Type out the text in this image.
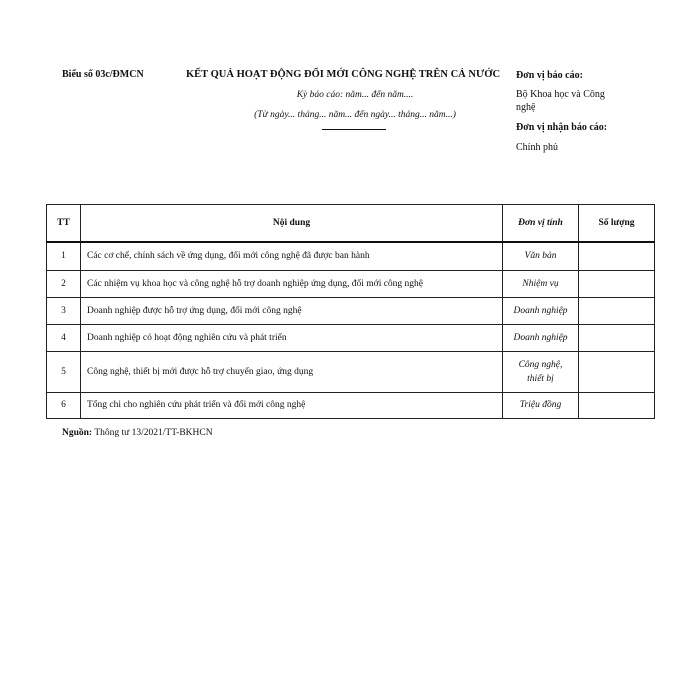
Biểu số 03c/ĐMCN	KẾT QUẢ HOẠT ĐỘNG ĐỔI MỚI CÔNG NGHỆ TRÊN CẢ NƯỚC
Kỳ báo cáo: năm... đến năm....
(Từ ngày... tháng... năm... đến ngày... tháng... năm...)
Đơn vị báo cáo:
Bộ Khoa học và Công nghệ
Đơn vị nhận báo cáo:
Chính phủ
TT	Nội dung	Đơn vị tính	Số lượng
1	Các cơ chế, chính sách về ứng dụng, đổi mới công nghệ đã được ban hành	Văn bản	
2	Các nhiệm vụ khoa học và công nghệ hỗ trợ doanh nghiệp ứng dụng, đổi mới công nghệ	Nhiệm vụ	
3	Doanh nghiệp được hỗ trợ ứng dụng, đổi mới công nghệ	Doanh nghiệp	
4	Doanh nghiệp có hoạt động nghiên cứu và phát triển	Doanh nghiệp	
5	Công nghệ, thiết bị mới được hỗ trợ chuyển giao, ứng dụng	Công nghệ, thiết bị	
6	Tổng chi cho nghiên cứu phát triển và đổi mới công nghệ	Triệu đồng	
Nguồn: Thông tư 13/2021/TT-BKHCN
